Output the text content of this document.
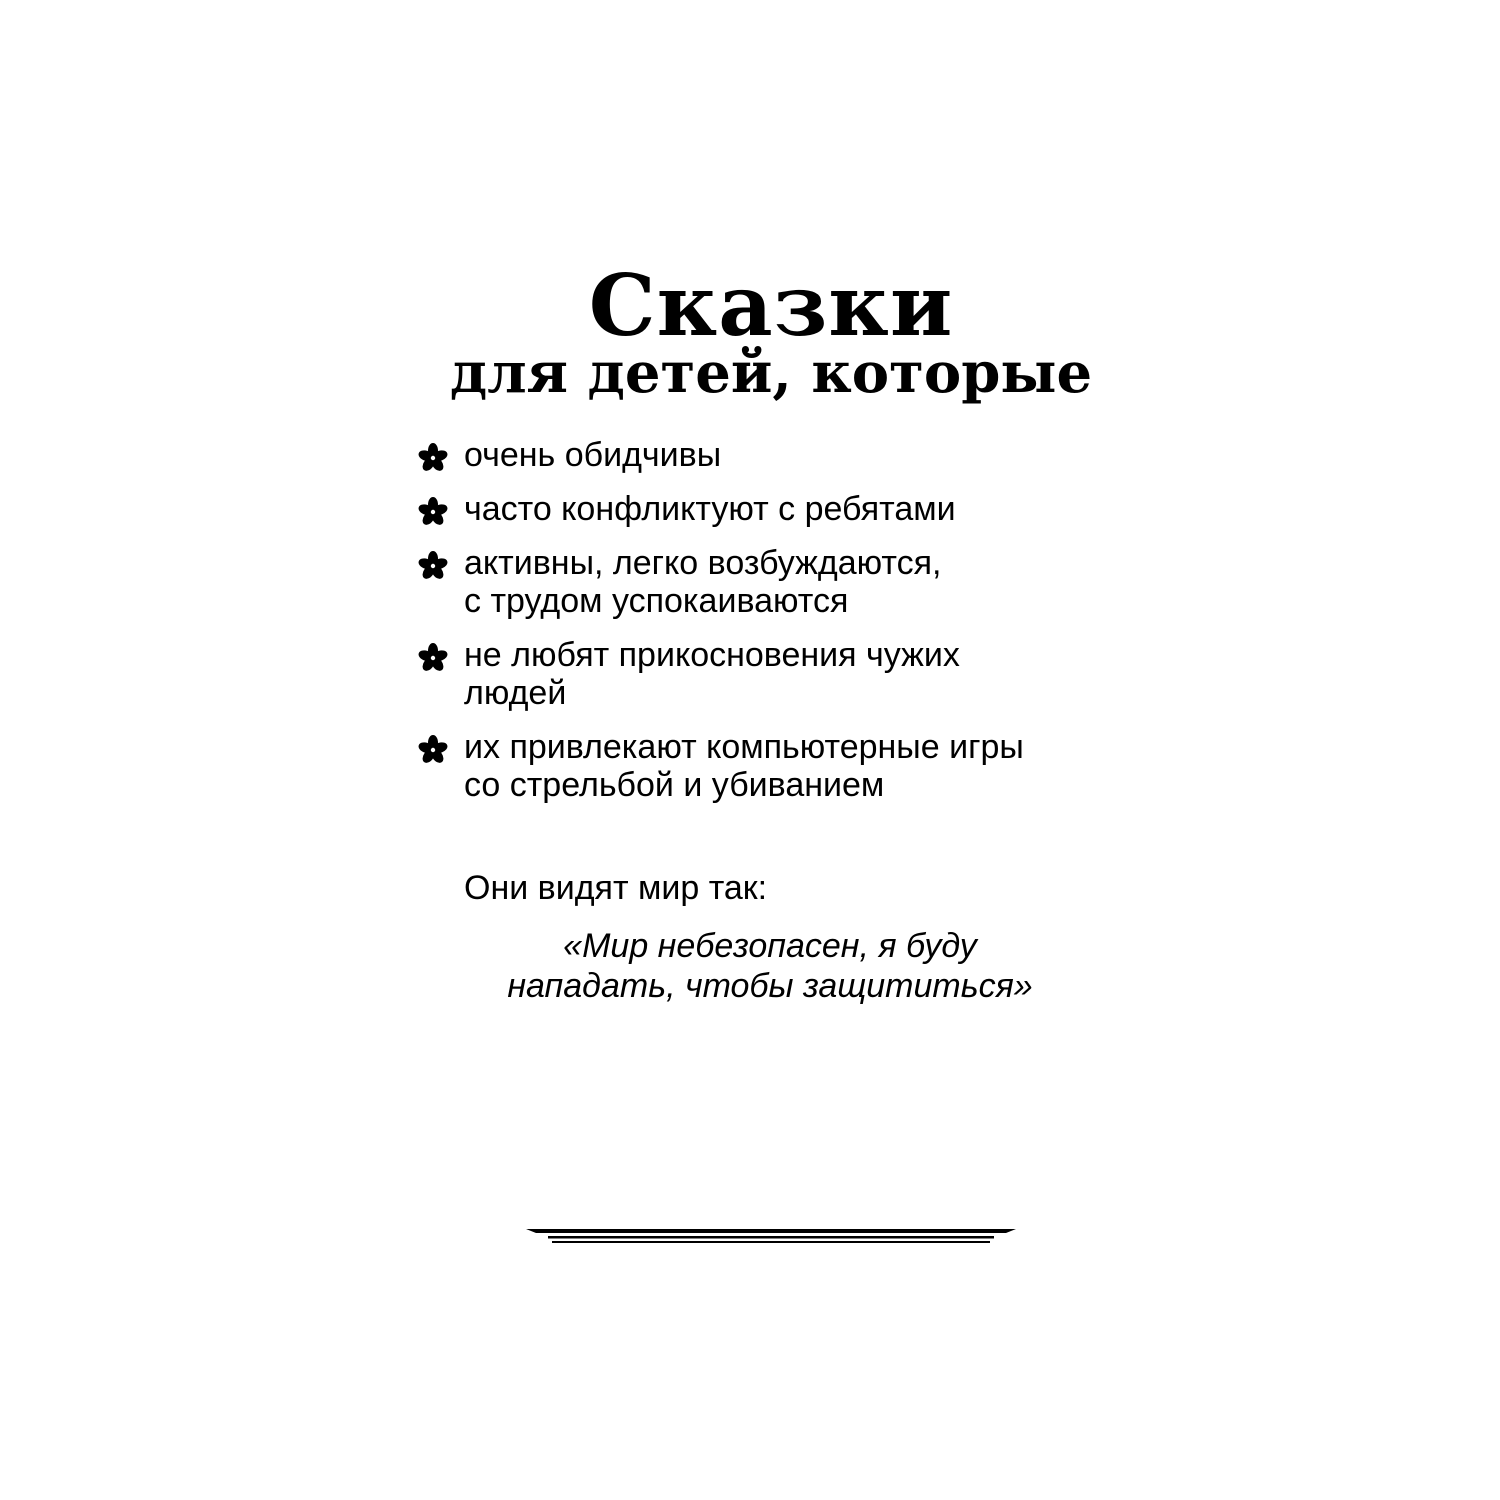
Сказки
для детей, которые
очень обидчивы
часто конфликтуют с ребятами
активны, легко возбуждаются,
с трудом успокаиваются
не любят прикосновения чужих
людей
их привлекают компьютерные игры
со стрельбой и убиванием

Они видят мир так:

«Мир небезопасен, я буду
нападать, чтобы защититься»
